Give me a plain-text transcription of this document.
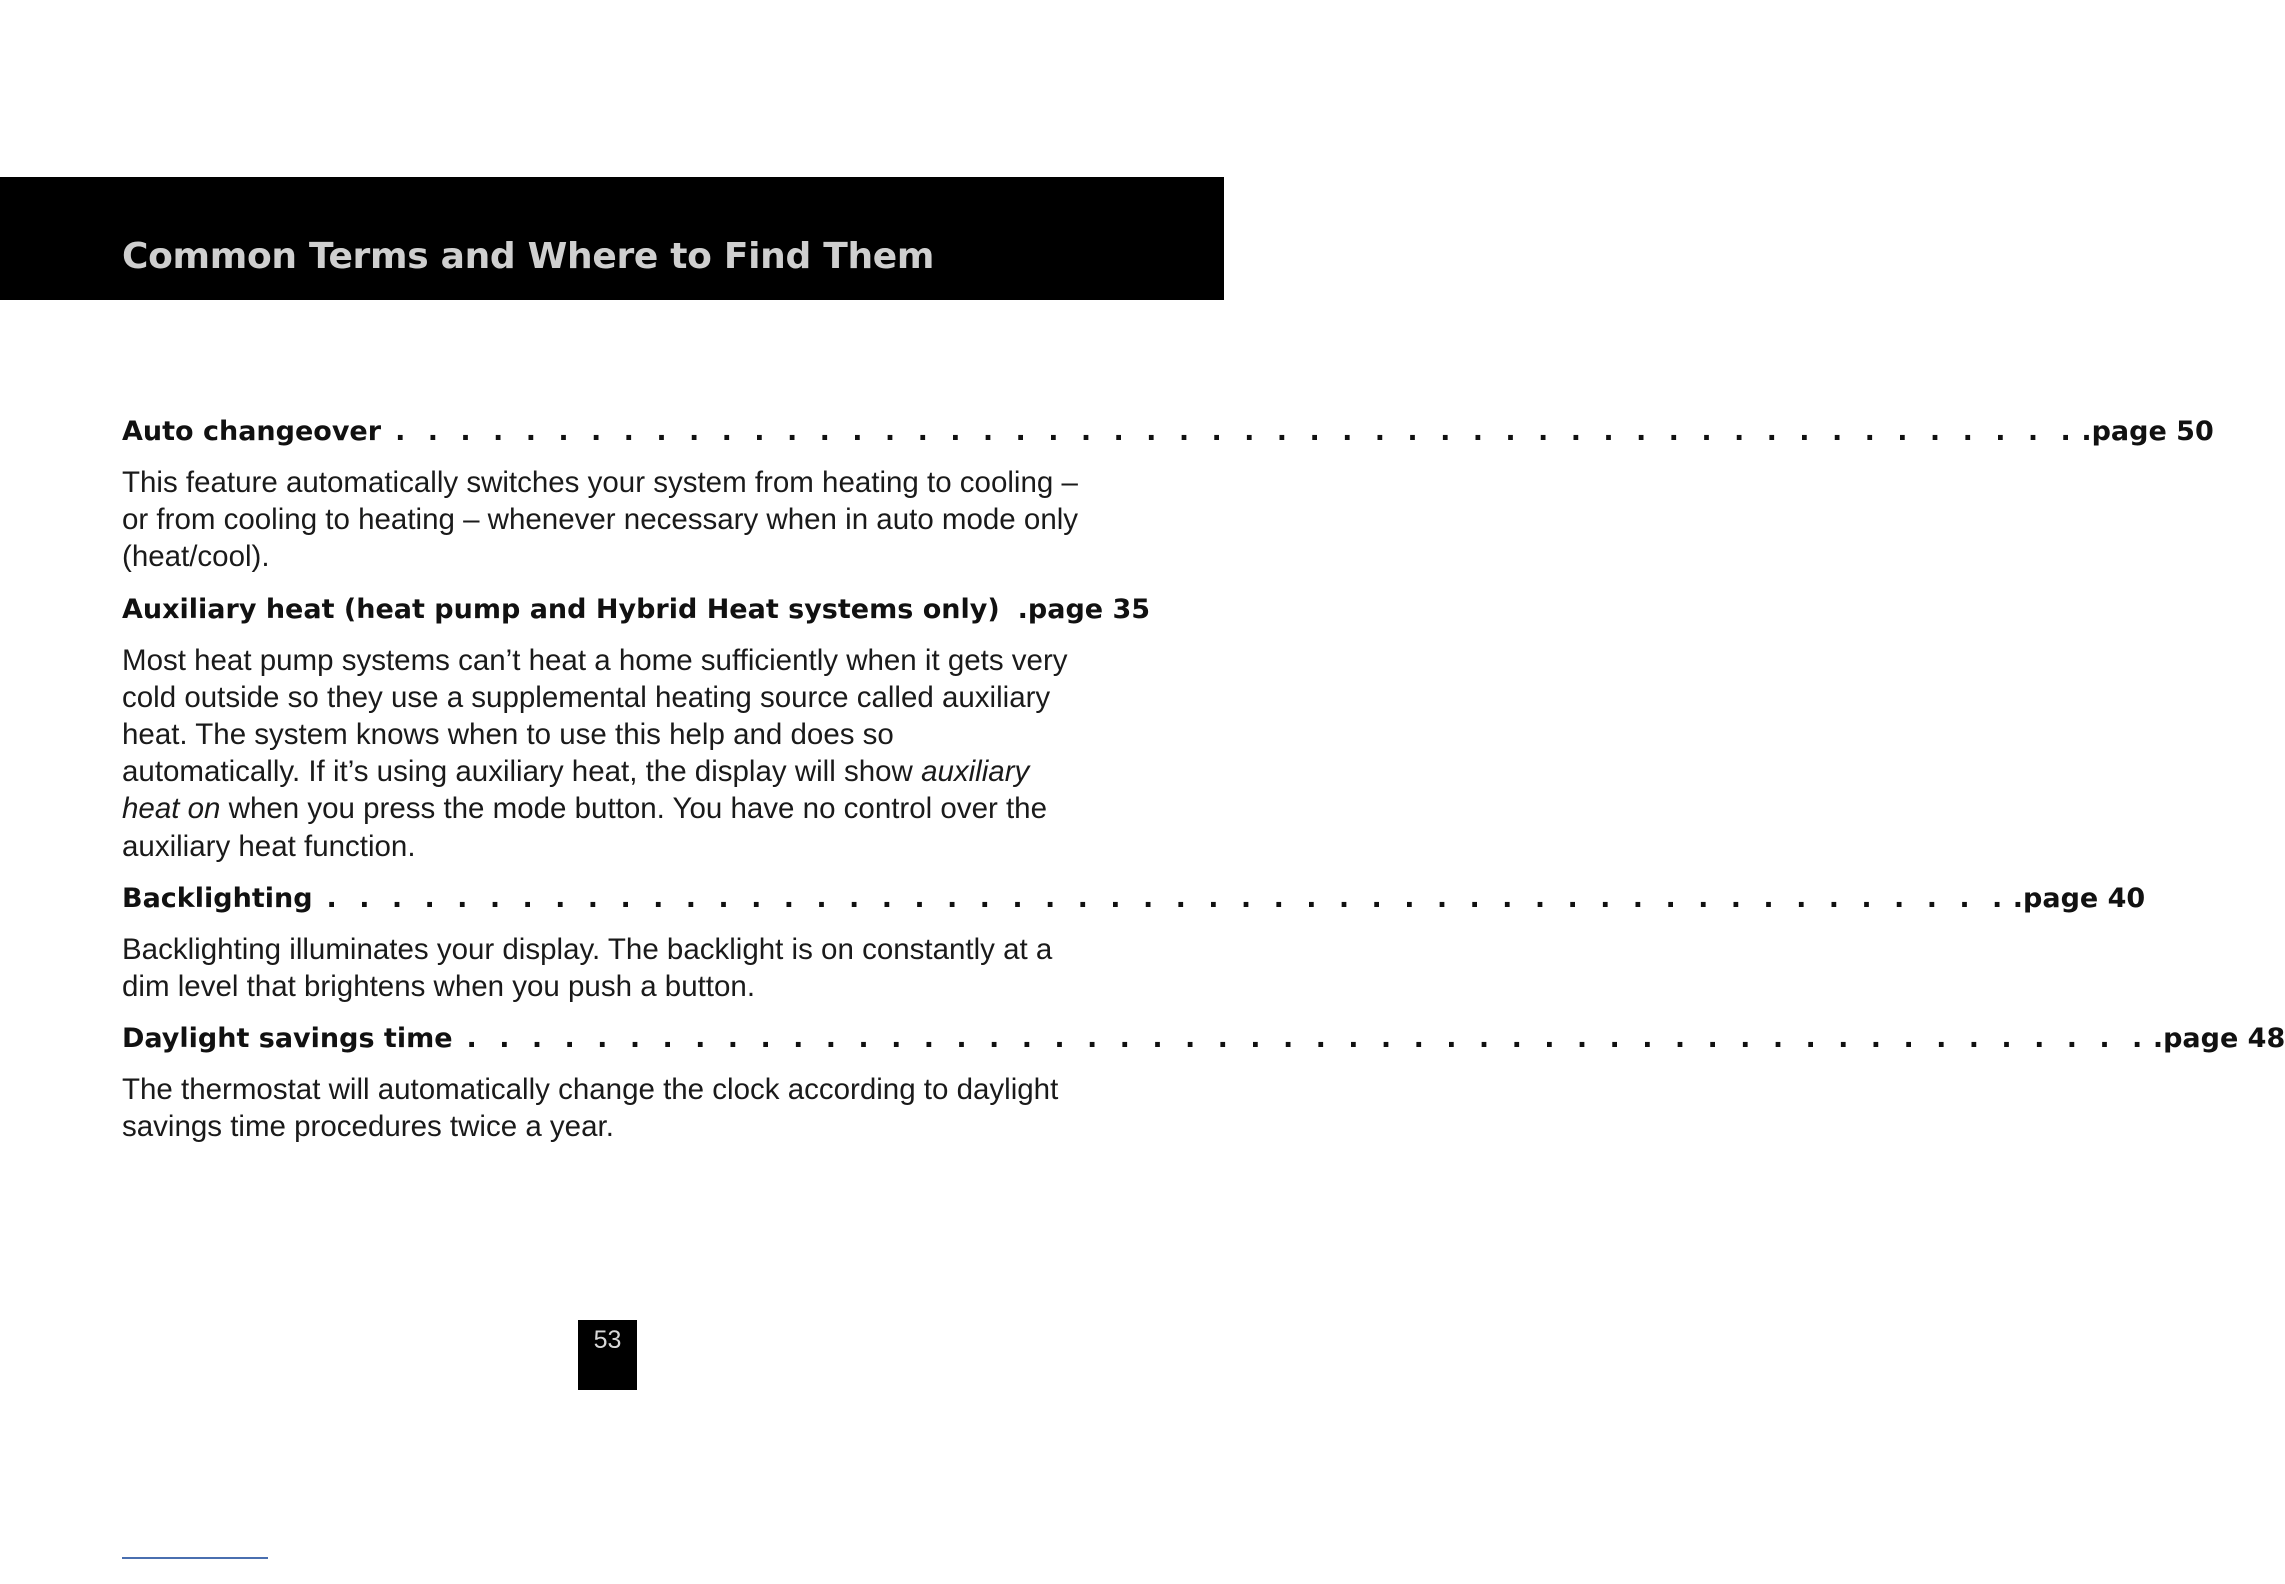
Common Terms and Where to Find Them
Auto changeover . . . . . . . . . . . . . . . . . . . . . . . . . . . . . . . . . . . . . . . . . . . . . . . . . . . . .page 50

This feature automatically switches your system from heating to cooling – or from cooling to heating – whenever necessary when in auto mode only (heat/cool).

Auxiliary heat (heat pump and Hybrid Heat systems only) .page 35

Most heat pump systems can’t heat a home sufficiently when it gets very cold outside so they use a supplemental heating source called auxiliary heat. The system knows when to use this help and does so automatically. If it’s using auxiliary heat, the display will show auxiliary heat on when you press the mode button. You have no control over the auxiliary heat function.

Backlighting . . . . . . . . . . . . . . . . . . . . . . . . . . . . . . . . . . . . . . . . . . . . . . . . . . . . .page 40

Backlighting illuminates your display. The backlight is on constantly at a dim level that brightens when you push a button.

Daylight savings time . . . . . . . . . . . . . . . . . . . . . . . . . . . . . . . . . . . . . . . . . . . . . . . . . . . . .page 48

The thermostat will automatically change the clock according to daylight savings time procedures twice a year.

53
